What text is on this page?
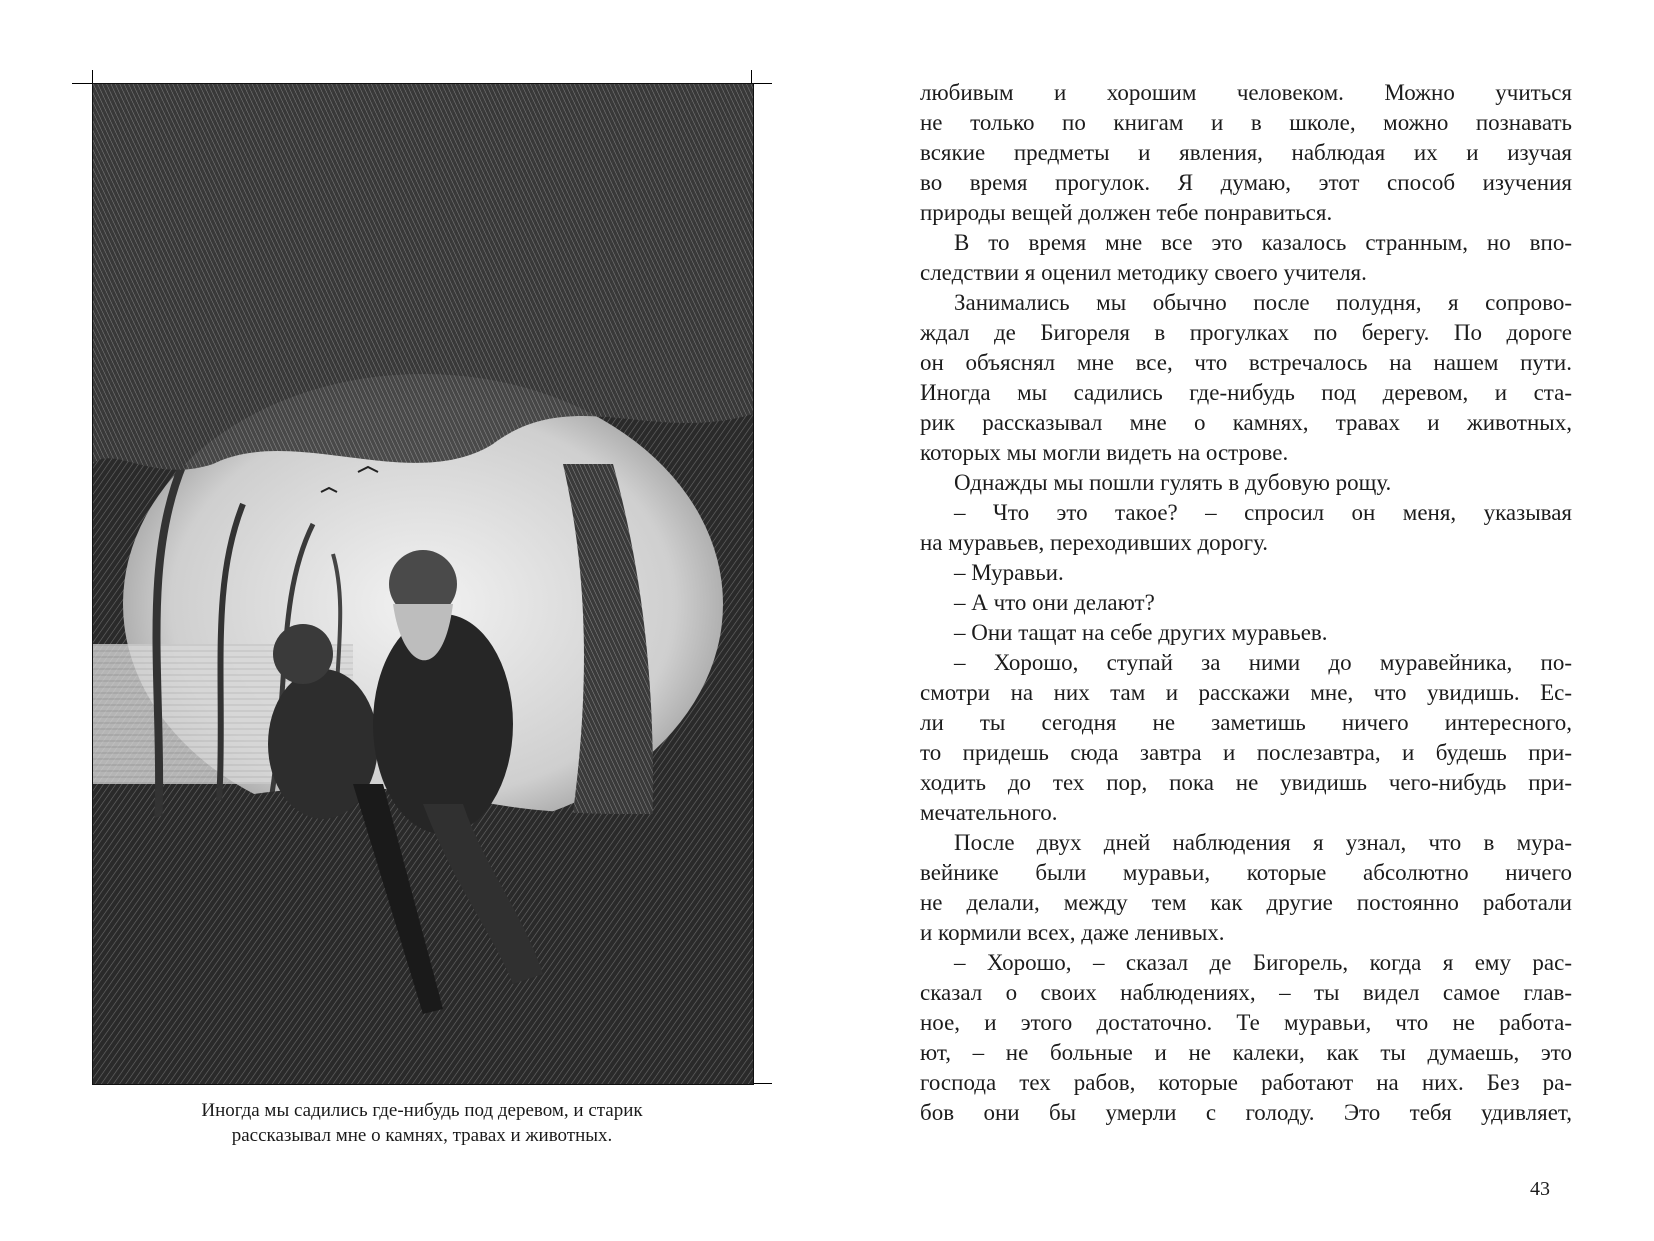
Иногда мы садились где-нибудь под деревом, и старик
рассказывал мне о камнях, травах и животных.
любивым и хорошим человеком. Можно учиться
не только по книгам и в школе, можно познавать
всякие предметы и явления, наблюдая их и изучая
во время прогулок. Я думаю, этот способ изучения
природы вещей должен тебе понравиться.
В то время мне все это казалось странным, но впо-
следствии я оценил методику своего учителя.
Занимались мы обычно после полудня, я сопрово-
ждал де Бигореля в прогулках по берегу. По дороге
он объяснял мне все, что встречалось на нашем пути.
Иногда мы садились где-нибудь под деревом, и ста-
рик рассказывал мне о камнях, травах и животных,
которых мы могли видеть на острове.
Однажды мы пошли гулять в дубовую рощу.
– Что это такое? – спросил он меня, указывая
на муравьев, переходивших дорогу.
– Муравьи.
– А что они делают?
– Они тащат на себе других муравьев.
– Хорошо, ступай за ними до муравейника, по-
смотри на них там и расскажи мне, что увидишь. Ес-
ли ты сегодня не заметишь ничего интересного,
то придешь сюда завтра и послезавтра, и будешь при-
ходить до тех пор, пока не увидишь чего-нибудь при-
мечательного.
После двух дней наблюдения я узнал, что в мура-
вейнике были муравьи, которые абсолютно ничего
не делали, между тем как другие постоянно работали
и кормили всех, даже ленивых.
– Хорошо, – сказал де Бигорель, когда я ему рас-
сказал о своих наблюдениях, – ты видел самое глав-
ное, и этого достаточно. Те муравьи, что не работа-
ют, – не больные и не калеки, как ты думаешь, это
господа тех рабов, которые работают на них. Без ра-
бов они бы умерли с голоду. Это тебя удивляет,
43
